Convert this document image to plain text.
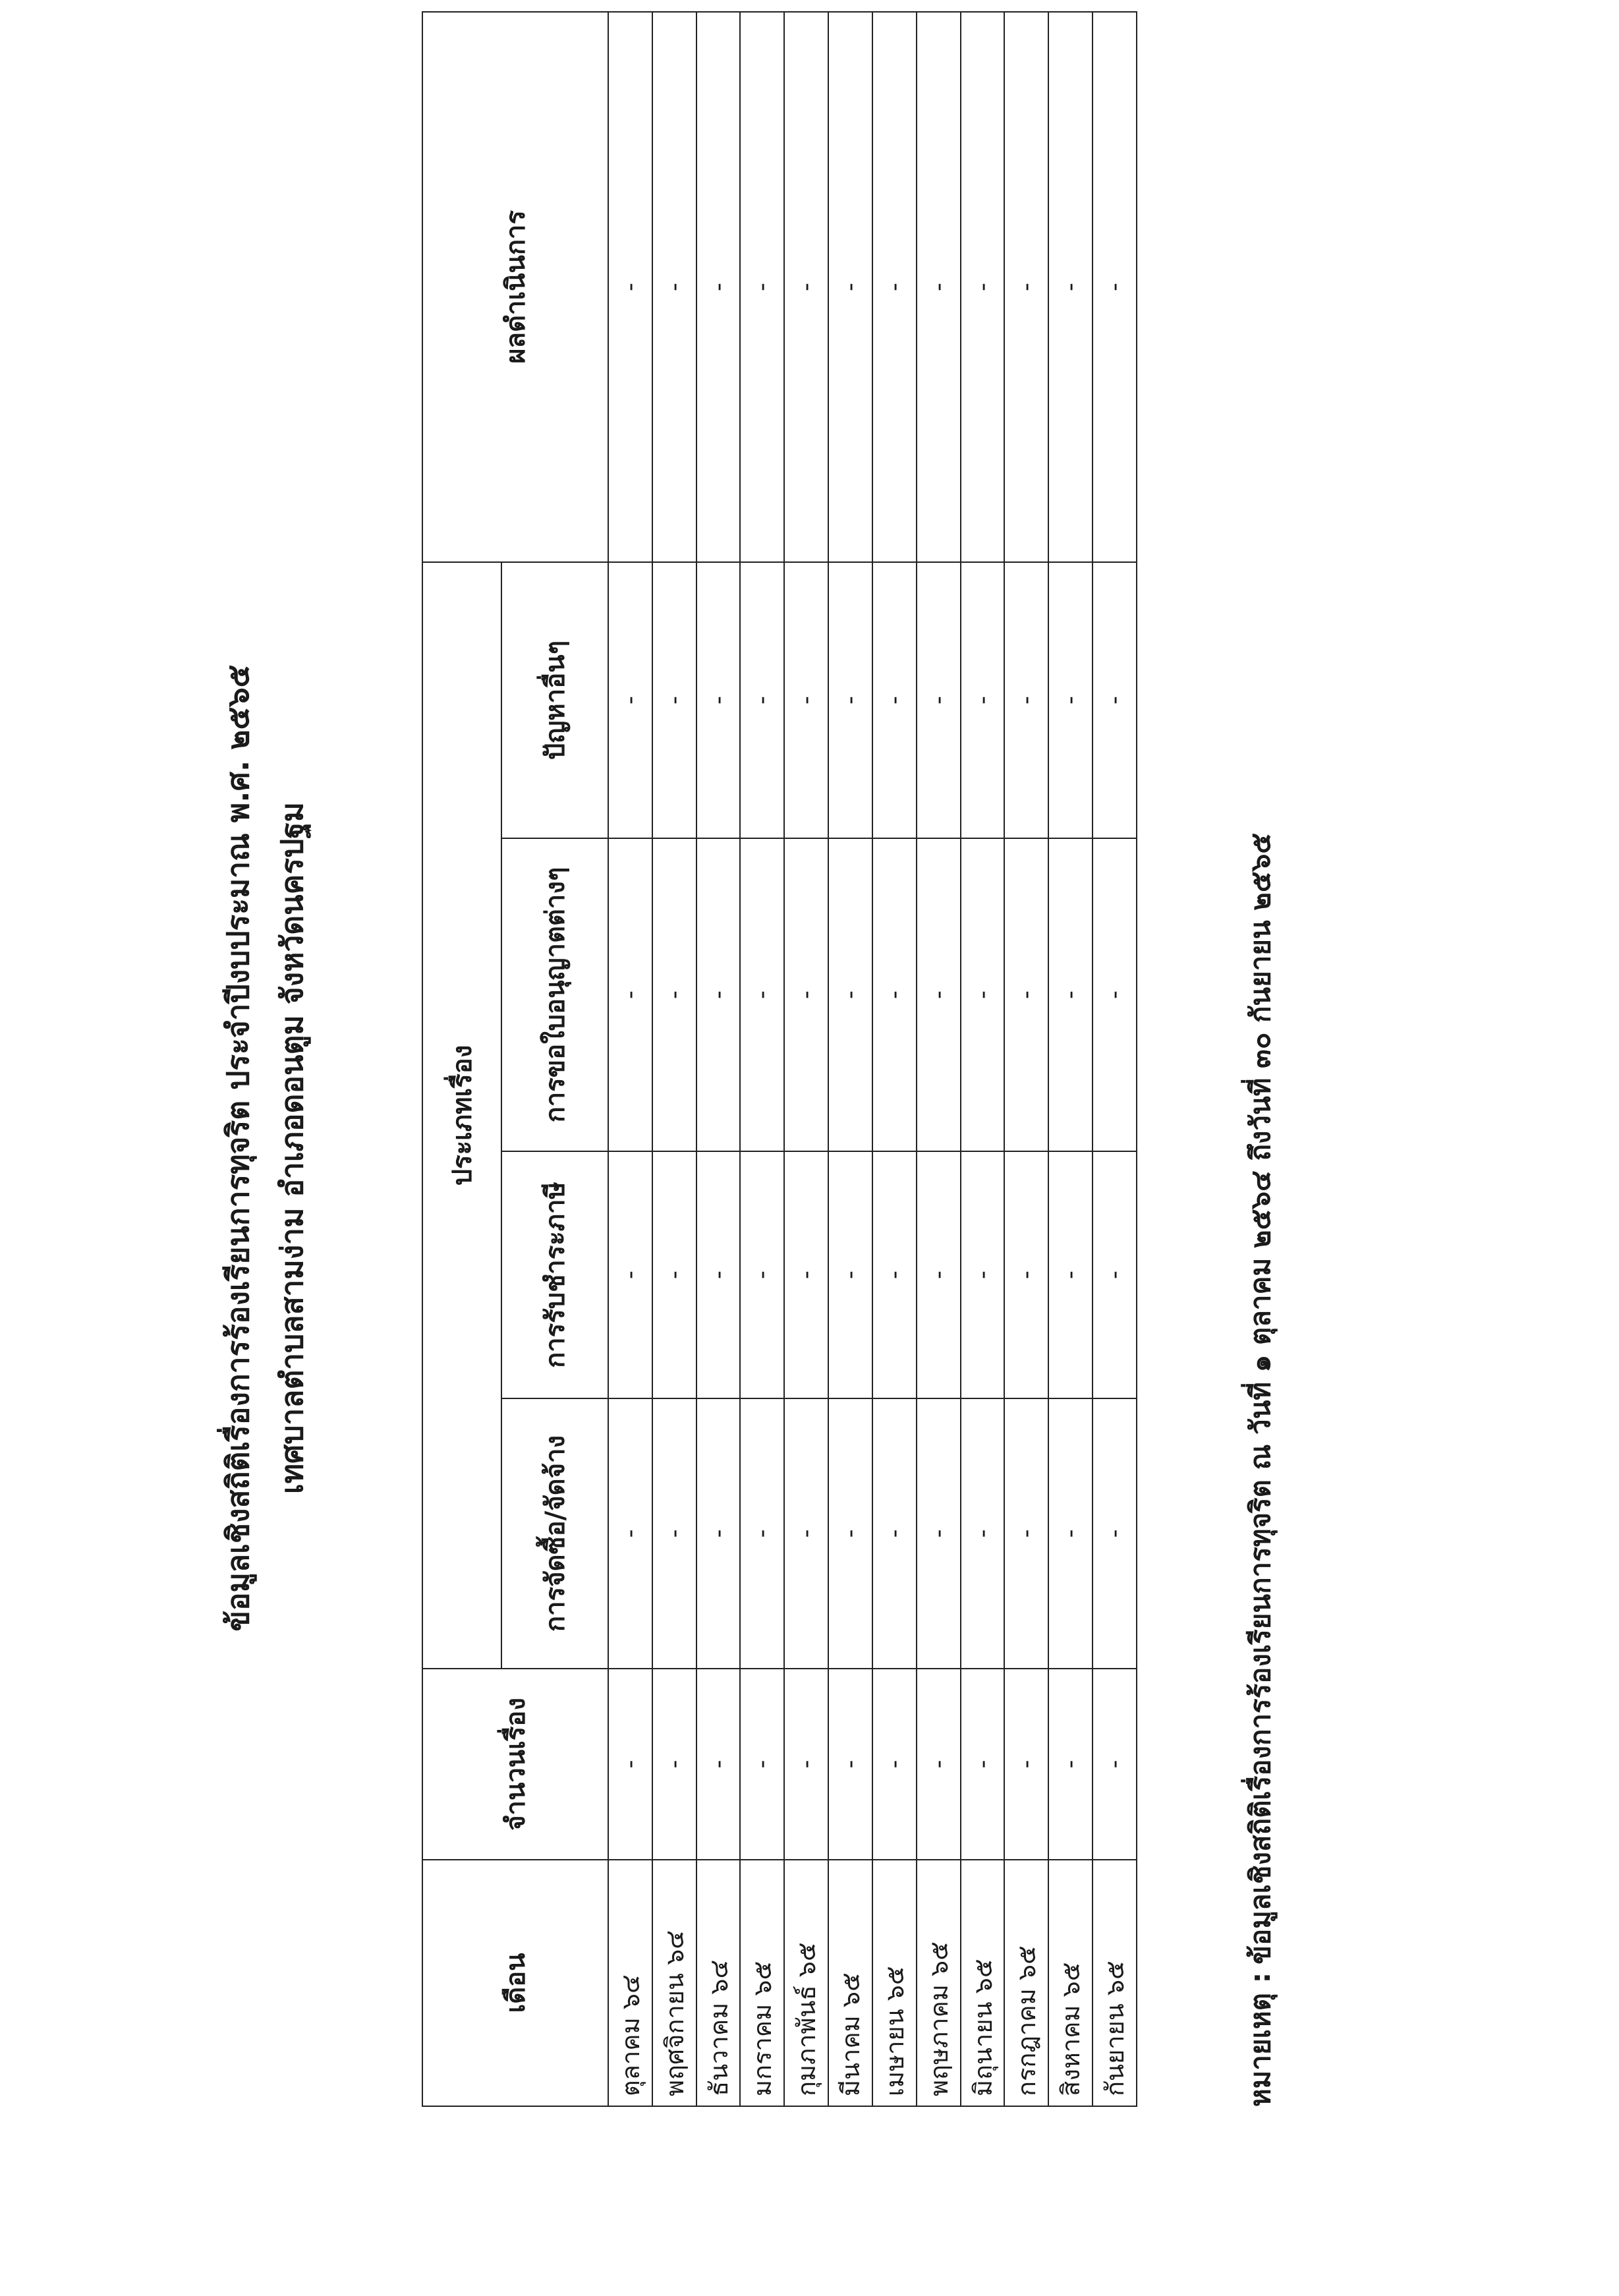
ข้อมูลเชิงสถิติเรื่องการร้องเรียนการทุจริต ประจำปีงบประมาณ พ.ศ. ๒๕๖๕ เทศบาลตำบลสามง่าม อำเภอดอนตูม จังหวัดนครปฐม
เดือน	จำนวนเรื่อง	ประเภทเรื่อง				ผลดำเนินการ
		การจัดซื้อ/จัดจ้าง	การรับชำระภาษี	การขอใบอนุญาตต่างๆ	ปัญหาอื่นๆ	
ตุลาคม ๖๔	-	-	-	-	-	-
พฤศจิกายน ๖๔	-	-	-	-	-	-
ธันวาคม ๖๔	-	-	-	-	-	-
มกราคม ๖๕	-	-	-	-	-	-
กุมภาพันธ์ ๖๕	-	-	-	-	-	-
มีนาคม ๖๕	-	-	-	-	-	-
เมษายน ๖๕	-	-	-	-	-	-
พฤษภาคม ๖๕	-	-	-	-	-	-
มิถุนายน ๖๕	-	-	-	-	-	-
กรกฎาคม ๖๕	-	-	-	-	-	-
สิงหาคม ๖๕	-	-	-	-	-	-
กันยายน ๖๕	-	-	-	-	-	-
หมายเหตุ :ข้อมูลเชิงสถิติเรื่องการร้องเรียนการทุจริต ณ วันที่ ๑ ตุลาคม ๒๕๖๔ ถึงวันที่ ๓๐ กันยายน ๒๕๖๕
